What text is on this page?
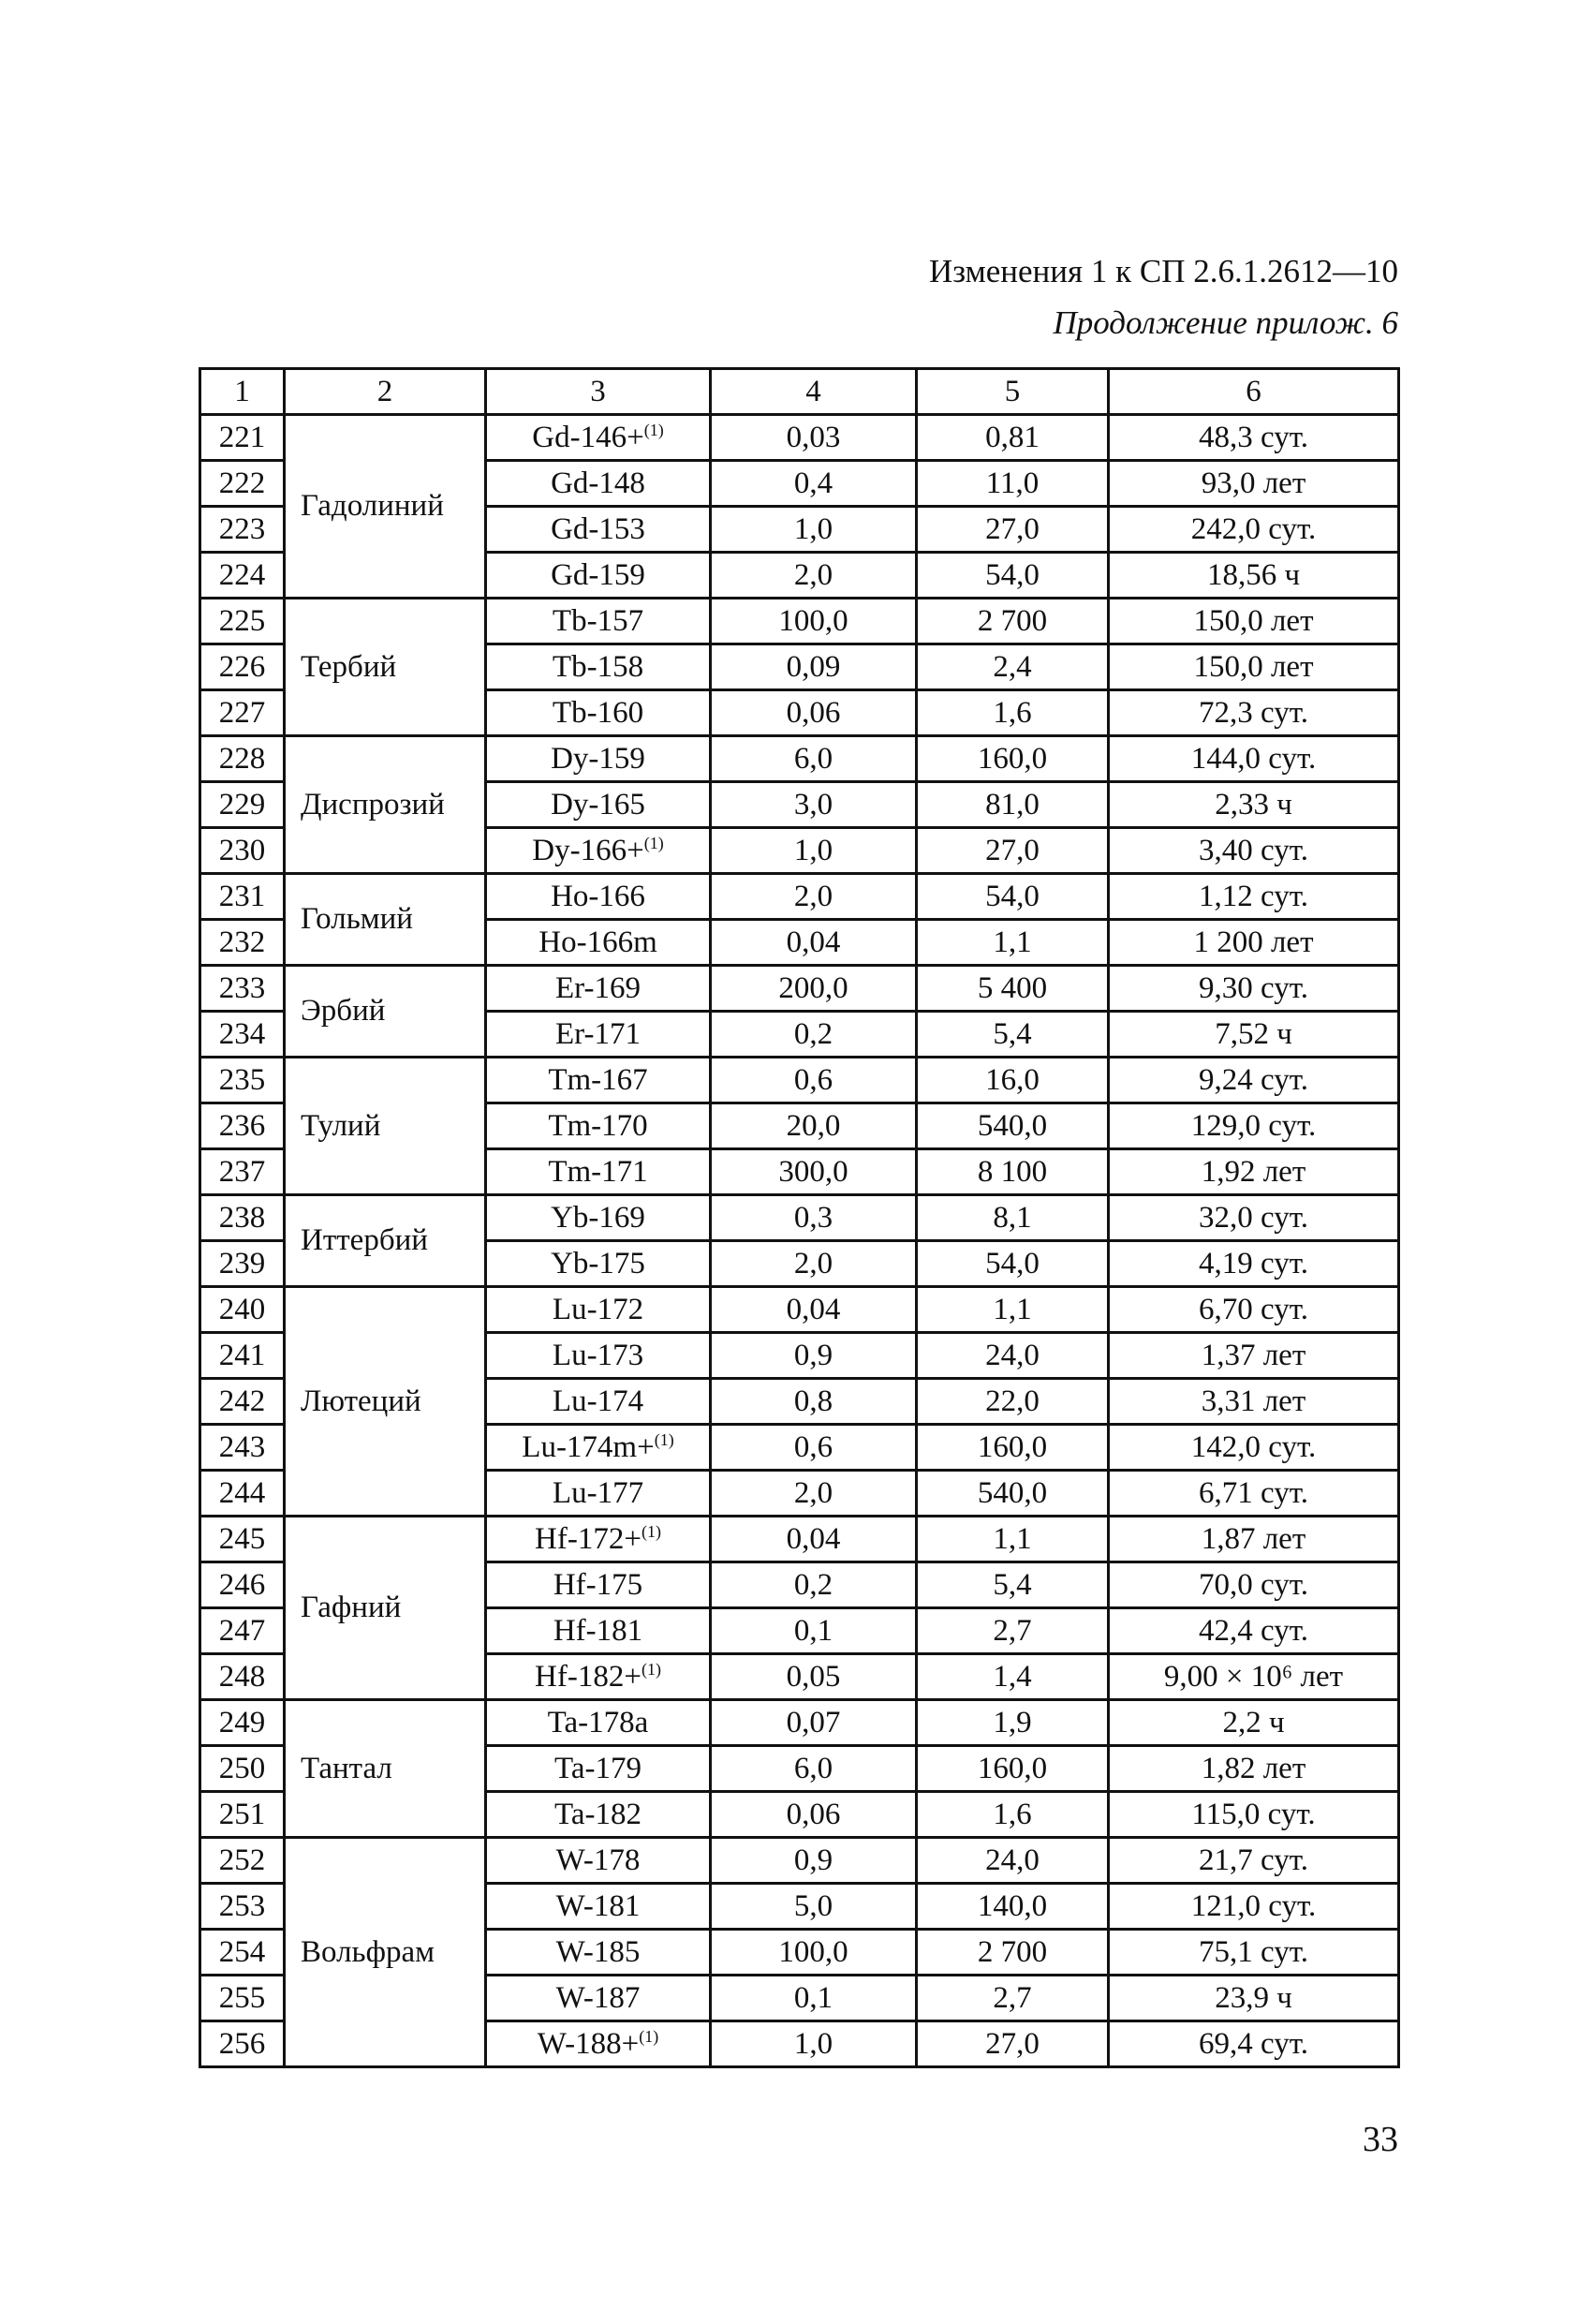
Изменения 1 к СП 2.6.1.2612—10
Продолжение прилож. 6
1	2	3	4	5	6
221	Гадолиний	Gd-146+$^{(1)}$	0,03	0,81	48,3 сут.
222		Gd-148	0,4	11,0	93,0 лет
223		Gd-153	1,0	27,0	242,0 сут.
224		Gd-159	2,0	54,0	18,56 ч
225	Тербий	Tb-157	100,0	2 700	150,0 лет
226		Tb-158	0,09	2,4	150,0 лет
227		Tb-160	0,06	1,6	72,3 сут.
228	Диспрозий	Dy-159	6,0	160,0	144,0 сут.
229		Dy-165	3,0	81,0	2,33 ч
230		Dy-166+$^{(1)}$	1,0	27,0	3,40 сут.
231	Гольмий	Ho-166	2,0	54,0	1,12 сут.
232		Ho-166m	0,04	1,1	1 200 лет
233	Эрбий	Er-169	200,0	5 400	9,30 сут.
234		Er-171	0,2	5,4	7,52 ч
235	Тулий	Tm-167	0,6	16,0	9,24 сут.
236		Tm-170	20,0	540,0	129,0 сут.
237		Tm-171	300,0	8 100	1,92 лет
238	Иттербий	Yb-169	0,3	8,1	32,0 сут.
239		Yb-175	2,0	54,0	4,19 сут.
240	Лютеций	Lu-172	0,04	1,1	6,70 сут.
241		Lu-173	0,9	24,0	1,37 лет
242		Lu-174	0,8	22,0	3,31 лет
243		Lu-174m+$^{(1)}$	0,6	160,0	142,0 сут.
244		Lu-177	2,0	540,0	6,71 сут.
245	Гафний	Hf-172+$^{(1)}$	0,04	1,1	1,87 лет
246		Hf-175	0,2	5,4	70,0 сут.
247		Hf-181	0,1	2,7	42,4 сут.
248		Hf-182+$^{(1)}$	0,05	1,4	9,00 × 10⁶ лет
249	Тантал	Ta-178a	0,07	1,9	2,2 ч
250		Ta-179	6,0	160,0	1,82 лет
251		Ta-182	0,06	1,6	115,0 сут.
252	Вольфрам	W-178	0,9	24,0	21,7 сут.
253		W-181	5,0	140,0	121,0 сут.
254		W-185	100,0	2 700	75,1 сут.
255		W-187	0,1	2,7	23,9 ч
256		W-188+$^{(1)}$	1,0	27,0	69,4 сут.
33
